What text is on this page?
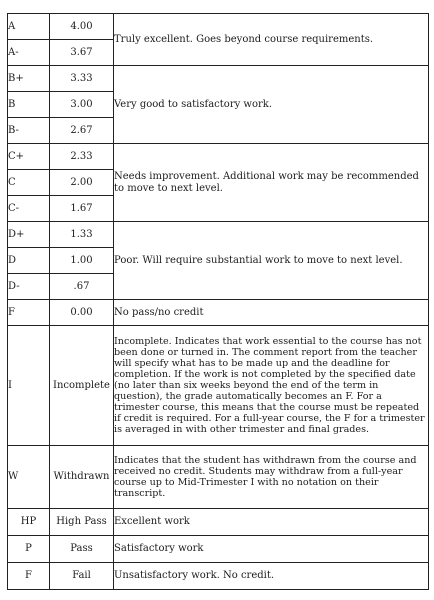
A	4.00	Truly excellent. Goes beyond course requirements.
A-	3.67	
B+	3.33	Very good to satisfactory work.
B	3.00	
B-	2.67	
C+	2.33	Needs improvement. Additional work may be recommended to move to next level.
C	2.00	
C-	1.67	
D+	1.33	Poor. Will require substantial work to move to next level.
D	1.00	
D-	.67	
F	0.00	No pass/no credit
I	Incomplete	Incomplete. Indicates that work essential to the course has not been done or turned in. The comment report from the teacher will specify what has to be made up and the deadline for completion. If the work is not completed by the specified date (no later than six weeks beyond the end of the term in question), the grade automatically becomes an F. For a trimester course, this means that the course must be repeated if credit is required. For a full-year course, the F for a trimester is averaged in with other trimester and final grades.
W	Withdrawn	Indicates that the student has withdrawn from the course and received no credit. Students may withdraw from a full-year course up to Mid-Trimester I with no notation on their transcript.
HP	High Pass	Excellent work
P	Pass	Satisfactory work
F	Fail	Unsatisfactory work. No credit.
